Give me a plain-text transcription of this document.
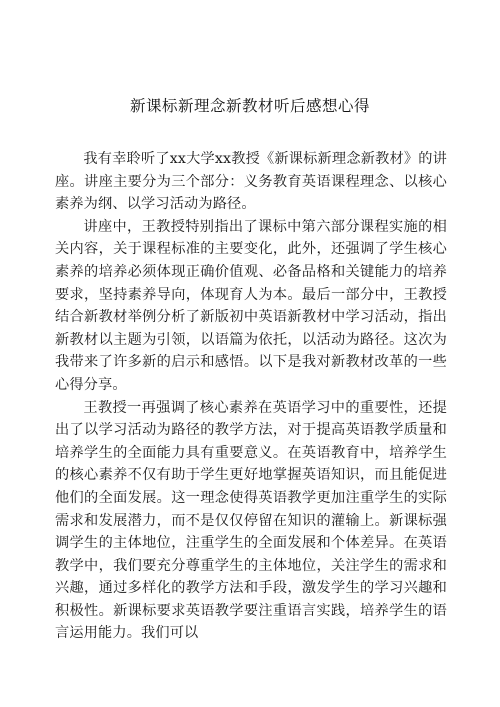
新课标新理念新教材听后感想心得

我有幸聆听了xx大学xx教授《新课标新理念新教材》的讲座。讲座主要分为三个部分：义务教育英语课程理念、以核心素养为纲、以学习活动为路径。

讲座中，王教授特别指出了课标中第六部分课程实施的相关内容，关于课程标准的主要变化，此外，还强调了学生核心素养的培养必须体现正确价值观、必备品格和关键能力的培养要求，坚持素养导向，体现育人为本。最后一部分中，王教授结合新教材举例分析了新版初中英语新教材中学习活动，指出新教材以主题为引领，以语篇为依托，以活动为路径。这次为我带来了许多新的启示和感悟。以下是我对新教材改革的一些心得分享。

王教授一再强调了核心素养在英语学习中的重要性，还提出了以学习活动为路径的教学方法，对于提高英语教学质量和培养学生的全面能力具有重要意义。在英语教育中，培养学生的核心素养不仅有助于学生更好地掌握英语知识，而且能促进他们的全面发展。这一理念使得英语教学更加注重学生的实际需求和发展潜力，而不是仅仅停留在知识的灌输上。新课标强调学生的主体地位，注重学生的全面发展和个体差异。在英语教学中，我们要充分尊重学生的主体地位，关注学生的需求和兴趣，通过多样化的教学方法和手段，激发学生的学习兴趣和积极性。新课标要求英语教学要注重语言实践，培养学生的语言运用能力。我们可以
